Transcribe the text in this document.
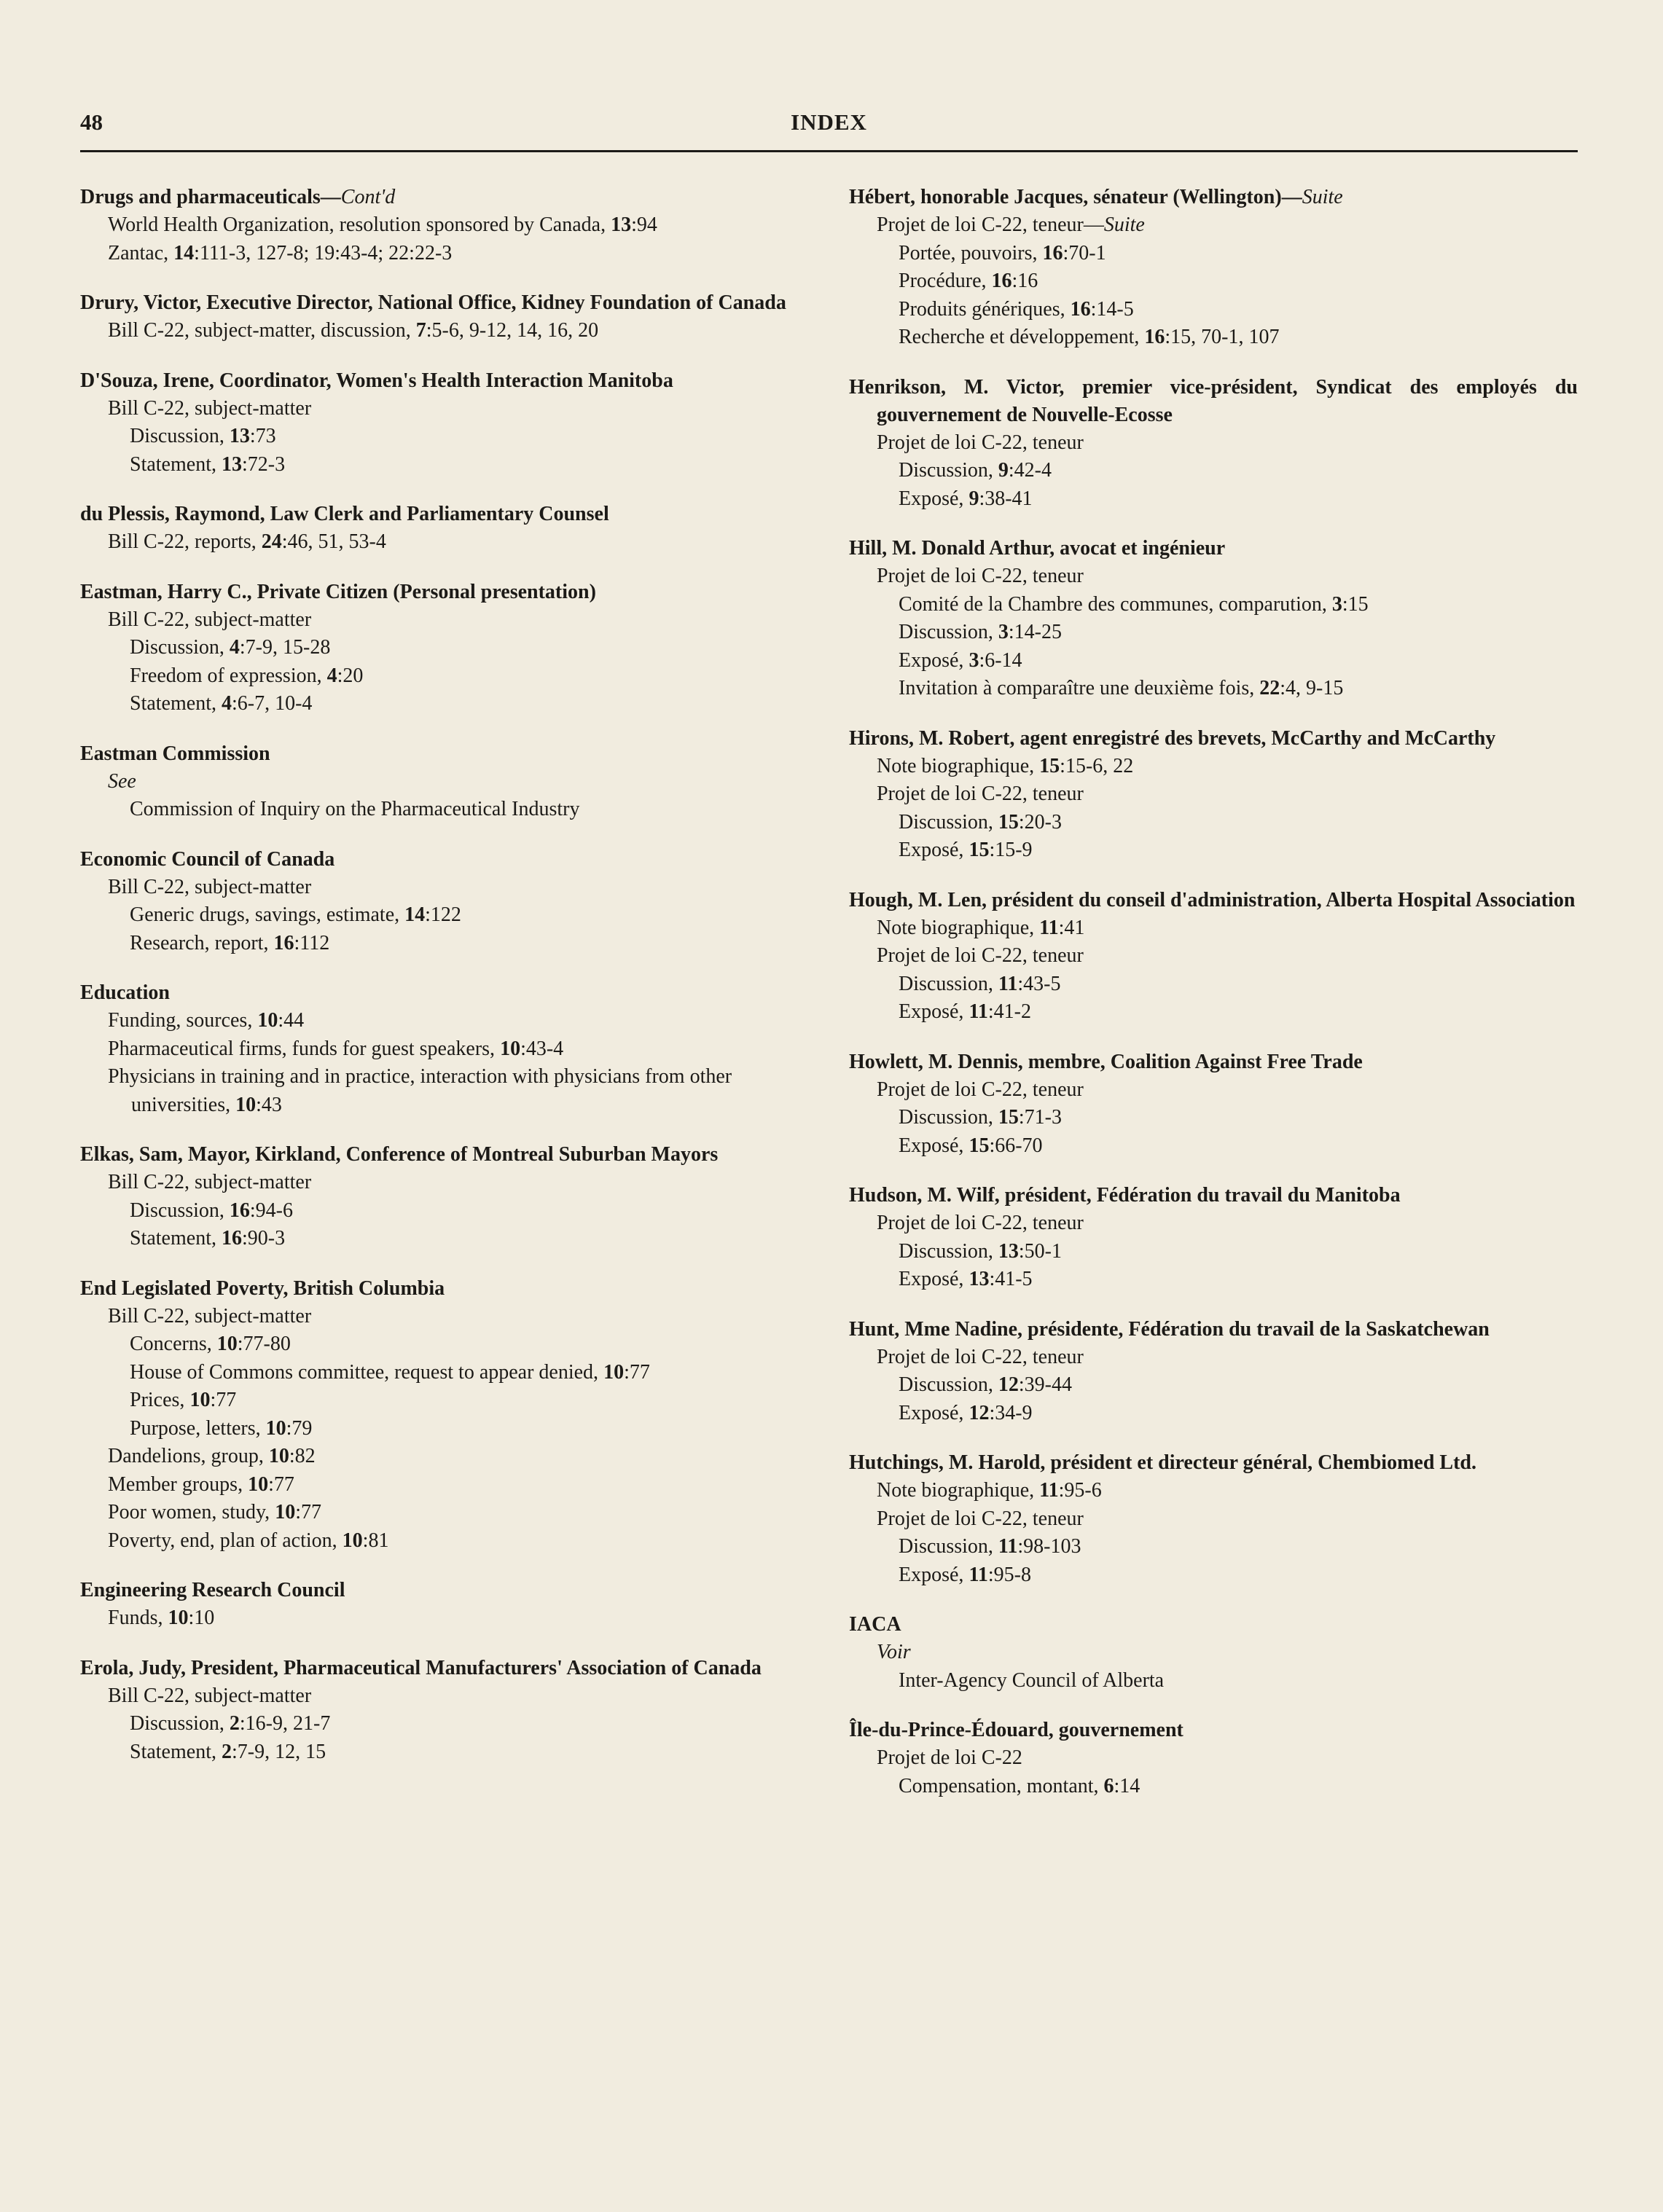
48	INDEX
Drugs and pharmaceuticals—Cont'd
World Health Organization, resolution sponsored by Canada, 13:94
Zantac, 14:111-3, 127-8; 19:43-4; 22:22-3
Drury, Victor, Executive Director, National Office, Kidney Foundation of Canada
Bill C-22, subject-matter, discussion, 7:5-6, 9-12, 14, 16, 20
D'Souza, Irene, Coordinator, Women's Health Interaction Manitoba
Bill C-22, subject-matter
Discussion, 13:73
Statement, 13:72-3
du Plessis, Raymond, Law Clerk and Parliamentary Counsel
Bill C-22, reports, 24:46, 51, 53-4
Eastman, Harry C., Private Citizen (Personal presentation)
Bill C-22, subject-matter
Discussion, 4:7-9, 15-28
Freedom of expression, 4:20
Statement, 4:6-7, 10-4
Eastman Commission
See
Commission of Inquiry on the Pharmaceutical Industry
Economic Council of Canada
Bill C-22, subject-matter
Generic drugs, savings, estimate, 14:122
Research, report, 16:112
Education
Funding, sources, 10:44
Pharmaceutical firms, funds for guest speakers, 10:43-4
Physicians in training and in practice, interaction with physicians from other universities, 10:43
Elkas, Sam, Mayor, Kirkland, Conference of Montreal Suburban Mayors
Bill C-22, subject-matter
Discussion, 16:94-6
Statement, 16:90-3
End Legislated Poverty, British Columbia
Bill C-22, subject-matter
Concerns, 10:77-80
House of Commons committee, request to appear denied, 10:77
Prices, 10:77
Purpose, letters, 10:79
Dandelions, group, 10:82
Member groups, 10:77
Poor women, study, 10:77
Poverty, end, plan of action, 10:81
Engineering Research Council
Funds, 10:10
Erola, Judy, President, Pharmaceutical Manufacturers' Association of Canada
Bill C-22, subject-matter
Discussion, 2:16-9, 21-7
Statement, 2:7-9, 12, 15
Hébert, honorable Jacques, sénateur (Wellington)—Suite
Projet de loi C-22, teneur—Suite
Portée, pouvoirs, 16:70-1
Procédure, 16:16
Produits génériques, 16:14-5
Recherche et développement, 16:15, 70-1, 107
Henrikson, M. Victor, premier vice-président, Syndicat des employés du gouvernement de Nouvelle-Ecosse
Projet de loi C-22, teneur
Discussion, 9:42-4
Exposé, 9:38-41
Hill, M. Donald Arthur, avocat et ingénieur
Projet de loi C-22, teneur
Comité de la Chambre des communes, comparution, 3:15
Discussion, 3:14-25
Exposé, 3:6-14
Invitation à comparaître une deuxième fois, 22:4, 9-15
Hirons, M. Robert, agent enregistré des brevets, McCarthy and McCarthy
Note biographique, 15:15-6, 22
Projet de loi C-22, teneur
Discussion, 15:20-3
Exposé, 15:15-9
Hough, M. Len, président du conseil d'administration, Alberta Hospital Association
Note biographique, 11:41
Projet de loi C-22, teneur
Discussion, 11:43-5
Exposé, 11:41-2
Howlett, M. Dennis, membre, Coalition Against Free Trade
Projet de loi C-22, teneur
Discussion, 15:71-3
Exposé, 15:66-70
Hudson, M. Wilf, président, Fédération du travail du Manitoba
Projet de loi C-22, teneur
Discussion, 13:50-1
Exposé, 13:41-5
Hunt, Mme Nadine, présidente, Fédération du travail de la Saskatchewan
Projet de loi C-22, teneur
Discussion, 12:39-44
Exposé, 12:34-9
Hutchings, M. Harold, président et directeur général, Chembiomed Ltd.
Note biographique, 11:95-6
Projet de loi C-22, teneur
Discussion, 11:98-103
Exposé, 11:95-8
IACA
Voir
Inter-Agency Council of Alberta
Île-du-Prince-Édouard, gouvernement
Projet de loi C-22
Compensation, montant, 6:14
